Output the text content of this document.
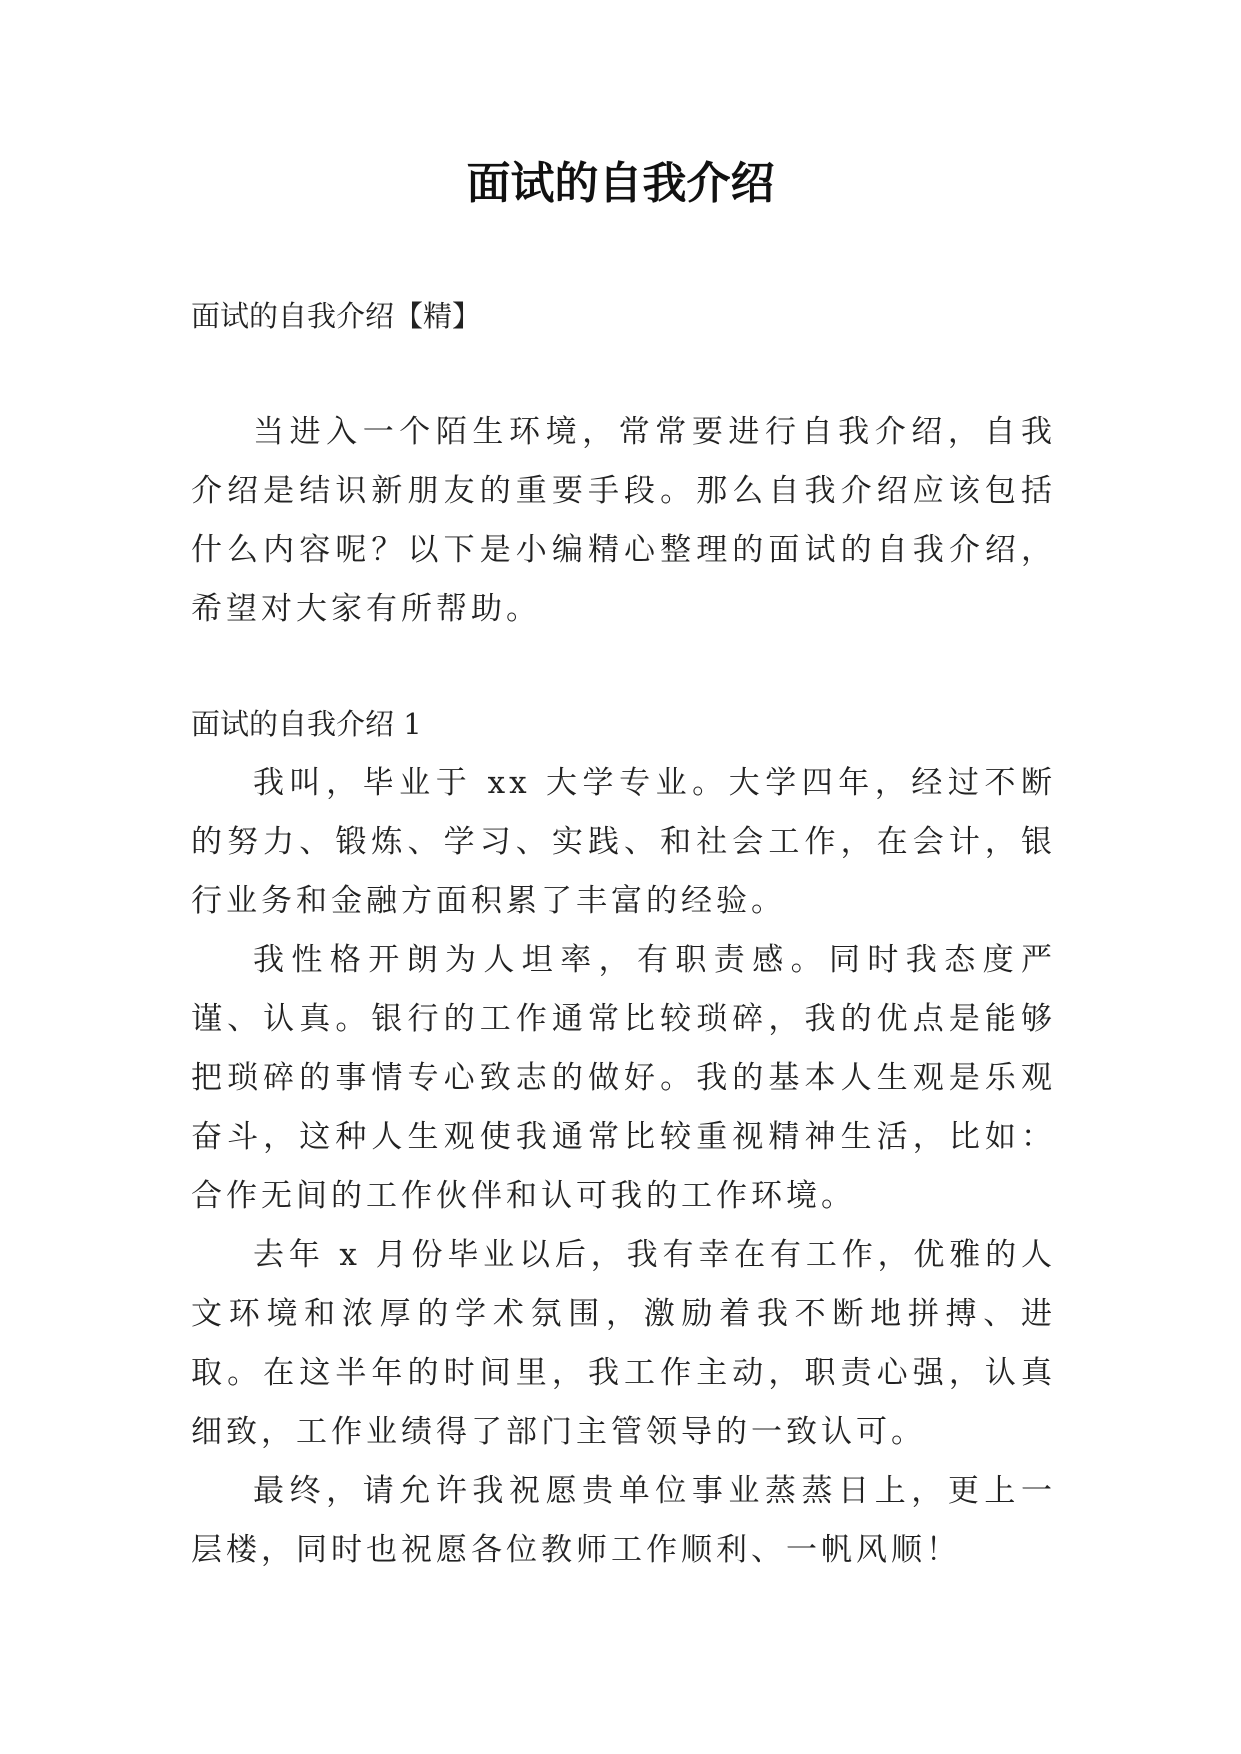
面试的自我介绍

面试的自我介绍【精】

当进入一个陌生环境，常常要进行自我介绍，自我介绍是结识新朋友的重要手段。那么自我介绍应该包括什么内容呢？以下是小编精心整理的面试的自我介绍，希望对大家有所帮助。

面试的自我介绍 1

我叫，毕业于 xx 大学专业。大学四年，经过不断的努力、锻炼、学习、实践、和社会工作，在会计，银行业务和金融方面积累了丰富的经验。

我性格开朗为人坦率，有职责感。同时我态度严谨、认真。银行的工作通常比较琐碎，我的优点是能够把琐碎的事情专心致志的做好。我的基本人生观是乐观奋斗，这种人生观使我通常比较重视精神生活，比如：合作无间的工作伙伴和认可我的工作环境。

去年 x 月份毕业以后，我有幸在有工作，优雅的人文环境和浓厚的学术氛围，激励着我不断地拼搏、进取。在这半年的时间里，我工作主动，职责心强，认真细致，工作业绩得了部门主管领导的一致认可。

最终，请允许我祝愿贵单位事业蒸蒸日上，更上一层楼，同时也祝愿各位教师工作顺利、一帆风顺！
